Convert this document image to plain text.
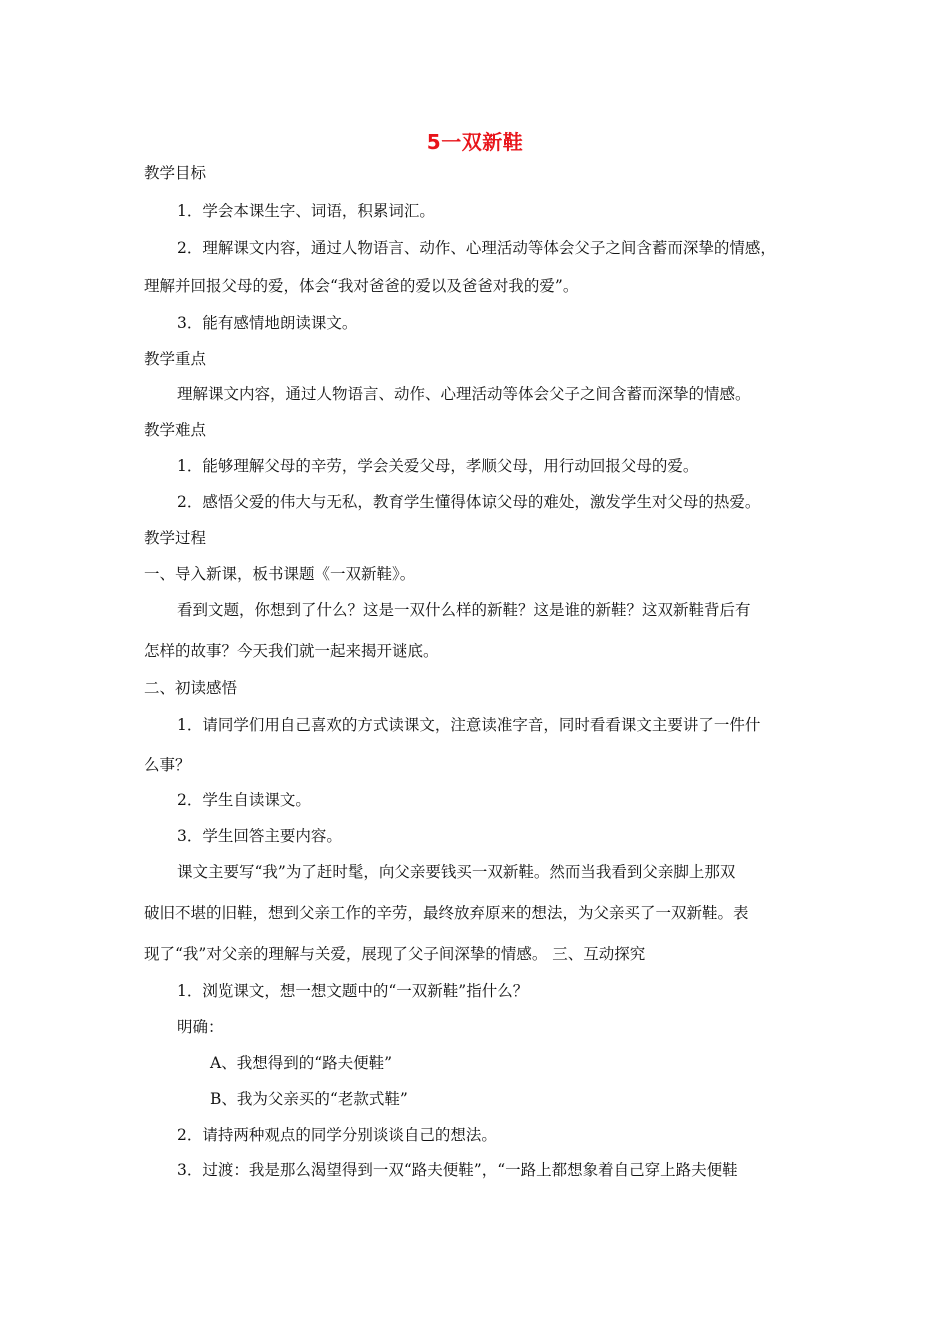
5一双新鞋
教学目标
1．学会本课生字、词语，积累词汇。
2．理解课文内容，通过人物语言、动作、心理活动等体会父子之间含蓄而深挚的情感，
理解并回报父母的爱，体会“我对爸爸的爱以及爸爸对我的爱”。
3．能有感情地朗读课文。
教学重点
理解课文内容，通过人物语言、动作、心理活动等体会父子之间含蓄而深挚的情感。
教学难点
1．能够理解父母的辛劳，学会关爱父母，孝顺父母，用行动回报父母的爱。
2．感悟父爱的伟大与无私，教育学生懂得体谅父母的难处，激发学生对父母的热爱。
教学过程
一、导入新课，板书课题《一双新鞋》。
看到文题，你想到了什么？这是一双什么样的新鞋？这是谁的新鞋？这双新鞋背后有
怎样的故事？今天我们就一起来揭开谜底。
二、初读感悟
1．请同学们用自己喜欢的方式读课文，注意读准字音，同时看看课文主要讲了一件什
么事？
2．学生自读课文。
3．学生回答主要内容。
课文主要写“我”为了赶时髦，向父亲要钱买一双新鞋。然而当我看到父亲脚上那双
破旧不堪的旧鞋，想到父亲工作的辛劳，最终放弃原来的想法，为父亲买了一双新鞋。表
现了“我”对父亲的理解与关爱，展现了父子间深挚的情感。 三、互动探究
1．浏览课文，想一想文题中的“一双新鞋”指什么？
明确：
A、我想得到的“路夫便鞋”
B、我为父亲买的“老款式鞋”
2．请持两种观点的同学分别谈谈自己的想法。
3．过渡：我是那么渴望得到一双“路夫便鞋”，“一路上都想象着自己穿上路夫便鞋
